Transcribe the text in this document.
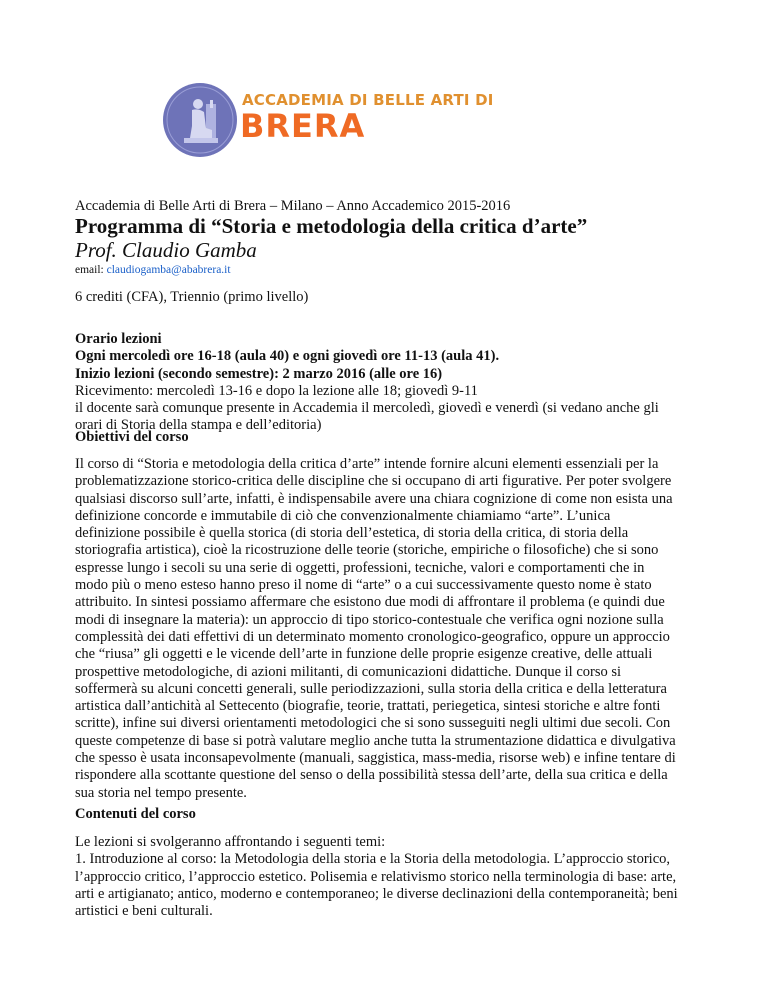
ACCADEMIA DI BELLE ARTI DI
BRERA
Accademia di Belle Arti di Brera – Milano – Anno Accademico 2015-2016
Programma di “Storia e metodologia della critica d’arte”
Prof. Claudio Gamba
email: claudiogamba@ababrera.it
6 crediti (CFA), Triennio (primo livello)
Orario lezioni
Ogni mercoledì ore 16-18 (aula 40) e ogni giovedì ore 11-13 (aula 41).
Inizio lezioni (secondo semestre): 2 marzo 2016 (alle ore 16)
Ricevimento: mercoledì 13-16 e dopo la lezione alle 18; giovedì 9-11
il docente sarà comunque presente in Accademia il mercoledì, giovedì e venerdì (si vedano anche gli
orari di Storia della stampa e dell’editoria)
Obiettivi del corso
Il corso di “Storia e metodologia della critica d’arte” intende fornire alcuni elementi essenziali per la
problematizzazione storico-critica delle discipline che si occupano di arti figurative. Per poter svolgere
qualsiasi discorso sull’arte, infatti, è indispensabile avere una chiara cognizione di come non esista una
definizione concorde e immutabile di ciò che convenzionalmente chiamiamo “arte”. L’unica
definizione possibile è quella storica (di storia dell’estetica, di storia della critica, di storia della
storiografia artistica), cioè la ricostruzione delle teorie (storiche, empiriche o filosofiche) che si sono
espresse lungo i secoli su una serie di oggetti, professioni, tecniche, valori e comportamenti che in
modo più o meno esteso hanno preso il nome di “arte” o a cui successivamente questo nome è stato
attribuito. In sintesi possiamo affermare che esistono due modi di affrontare il problema (e quindi due
modi di insegnare la materia): un approccio di tipo storico-contestuale che verifica ogni nozione sulla
complessità dei dati effettivi di un determinato momento cronologico-geografico, oppure un approccio
che “riusa” gli oggetti e le vicende dell’arte in funzione delle proprie esigenze creative, delle attuali
prospettive metodologiche, di azioni militanti, di comunicazioni didattiche. Dunque il corso si
soffermerà su alcuni concetti generali, sulle periodizzazioni, sulla storia della critica e della letteratura
artistica dall’antichità al Settecento (biografie, teorie, trattati, periegetica, sintesi storiche e altre fonti
scritte), infine sui diversi orientamenti metodologici che si sono susseguiti negli ultimi due secoli. Con
queste competenze di base si potrà valutare meglio anche tutta la strumentazione didattica e divulgativa
che spesso è usata inconsapevolmente (manuali, saggistica, mass-media, risorse web) e infine tentare di
rispondere alla scottante questione del senso o della possibilità stessa dell’arte, della sua critica e della
sua storia nel tempo presente.
Contenuti del corso
Le lezioni si svolgeranno affrontando i seguenti temi:
1. Introduzione al corso: la Metodologia della storia e la Storia della metodologia. L’approccio storico,
l’approccio critico, l’approccio estetico. Polisemia e relativismo storico nella terminologia di base: arte,
arti e artigianato; antico, moderno e contemporaneo; le diverse declinazioni della contemporaneità; beni
artistici e beni culturali.
